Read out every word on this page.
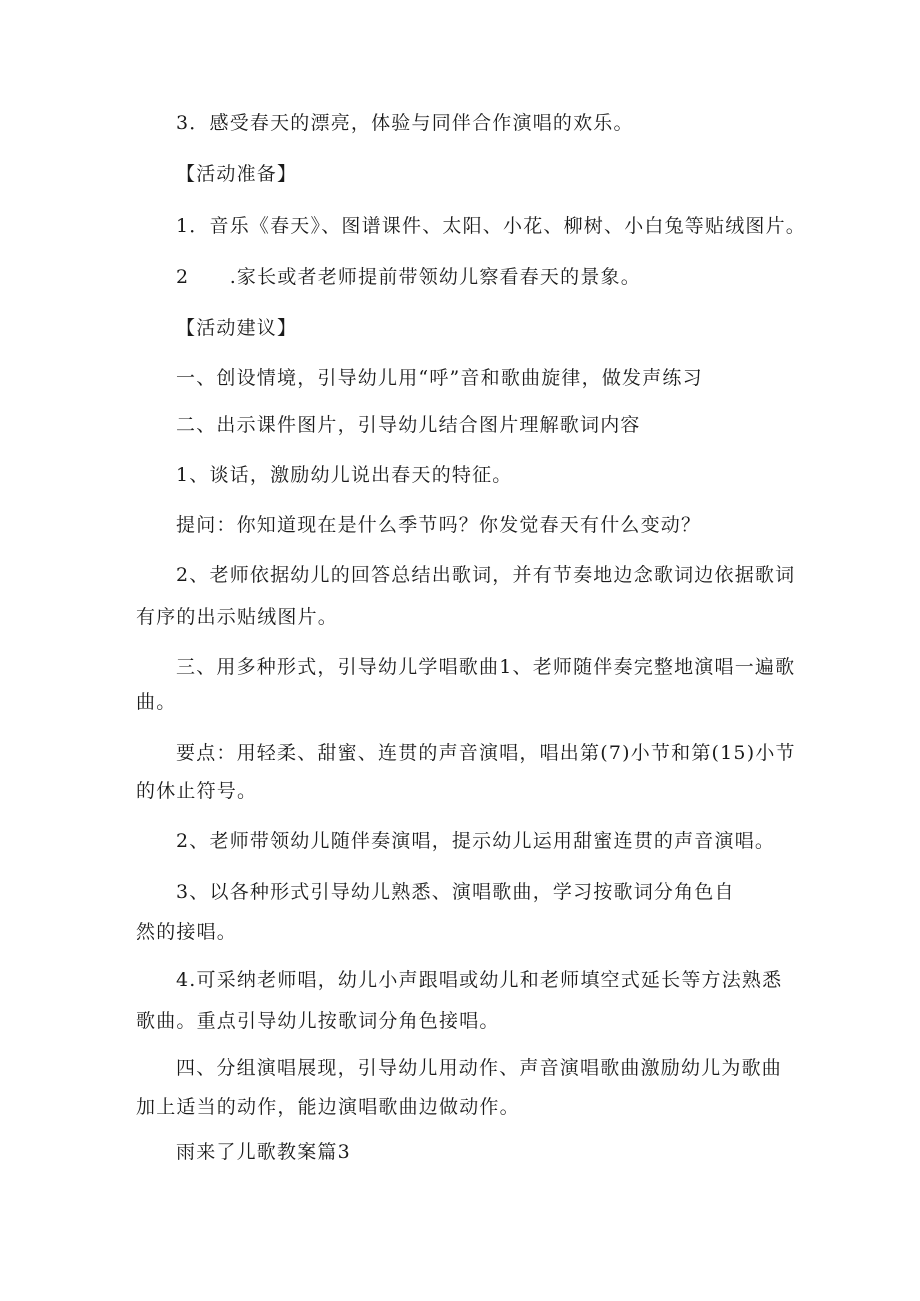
3．感受春天的漂亮，体验与同伴合作演唱的欢乐。
【活动准备】
1．音乐《春天》、图谱课件、太阳、小花、柳树、小白兔等贴绒图片。
2　　.家长或者老师提前带领幼儿察看春天的景象。
【活动建议】
一、创设情境，引导幼儿用“呼”音和歌曲旋律，做发声练习
二、出示课件图片，引导幼儿结合图片理解歌词内容
1、谈话，激励幼儿说出春天的特征。
提问：你知道现在是什么季节吗？你发觉春天有什么变动？
2、老师依据幼儿的回答总结出歌词，并有节奏地边念歌词边依据歌词
有序的出示贴绒图片。
三、用多种形式，引导幼儿学唱歌曲1、老师随伴奏完整地演唱一遍歌
曲。
要点：用轻柔、甜蜜、连贯的声音演唱，唱出第(7)小节和第(15)小节
的休止符号。
2、老师带领幼儿随伴奏演唱，提示幼儿运用甜蜜连贯的声音演唱。
3、以各种形式引导幼儿熟悉、演唱歌曲，学习按歌词分角色自
然的接唱。
4.可采纳老师唱，幼儿小声跟唱或幼儿和老师填空式延长等方法熟悉
歌曲。重点引导幼儿按歌词分角色接唱。
四、分组演唱展现，引导幼儿用动作、声音演唱歌曲激励幼儿为歌曲
加上适当的动作，能边演唱歌曲边做动作。
雨来了儿歌教案篇3
